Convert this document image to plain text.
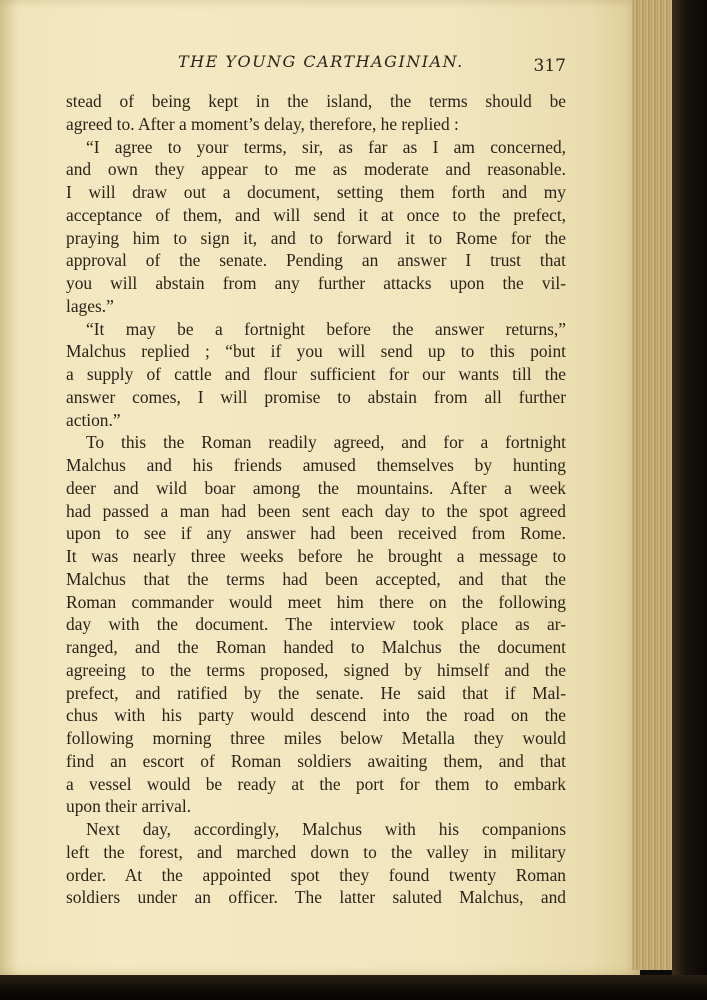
THE YOUNG CARTHAGINIAN.	317
stead of being kept in the island, the terms should be
agreed to. After a moment’s delay, therefore, he replied :
“I agree to your terms, sir, as far as I am concerned,
and own they appear to me as moderate and reasonable.
I will draw out a document, setting them forth and my
acceptance of them, and will send it at once to the prefect,
praying him to sign it, and to forward it to Rome for the
approval of the senate. Pending an answer I trust that
you will abstain from any further attacks upon the vil-
lages.”
“It may be a fortnight before the answer returns,”
Malchus replied ; “but if you will send up to this point
a supply of cattle and flour sufficient for our wants till the
answer comes, I will promise to abstain from all further
action.”
To this the Roman readily agreed, and for a fortnight
Malchus and his friends amused themselves by hunting
deer and wild boar among the mountains. After a week
had passed a man had been sent each day to the spot agreed
upon to see if any answer had been received from Rome.
It was nearly three weeks before he brought a message to
Malchus that the terms had been accepted, and that the
Roman commander would meet him there on the following
day with the document. The interview took place as ar-
ranged, and the Roman handed to Malchus the document
agreeing to the terms proposed, signed by himself and the
prefect, and ratified by the senate. He said that if Mal-
chus with his party would descend into the road on the
following morning three miles below Metalla they would
find an escort of Roman soldiers awaiting them, and that
a vessel would be ready at the port for them to embark
upon their arrival.
Next day, accordingly, Malchus with his companions
left the forest, and marched down to the valley in military
order. At the appointed spot they found twenty Roman
soldiers under an officer. The latter saluted Malchus, and
